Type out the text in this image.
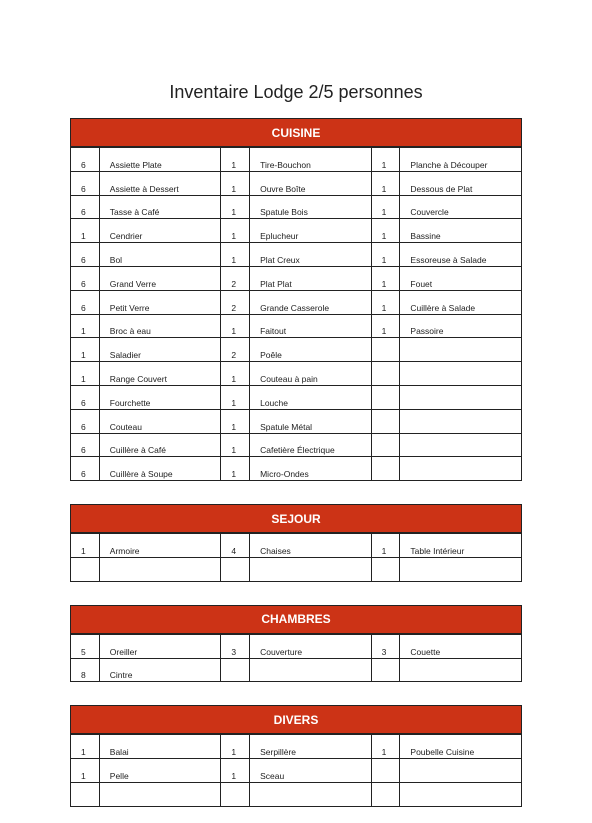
Inventaire Lodge 2/5 personnes
CUISINE
6	Assiette Plate	1	Tire-Bouchon	1	Planche à Découper
6	Assiette à Dessert	1	Ouvre Boîte	1	Dessous de Plat
6	Tasse à Café	1	Spatule Bois	1	Couvercle
1	Cendrier	1	Eplucheur	1	Bassine
6	Bol	1	Plat Creux	1	Essoreuse à Salade
6	Grand Verre	2	Plat Plat	1	Fouet
6	Petit Verre	2	Grande Casserole	1	Cuillère à Salade
1	Broc à eau	1	Faitout	1	Passoire
1	Saladier	2	Poêle		
1	Range Couvert	1	Couteau à pain		
6	Fourchette	1	Louche		
6	Couteau	1	Spatule Métal		
6	Cuillère à Café	1	Cafetière Électrique		
6	Cuillère à Soupe	1	Micro-Ondes		
SEJOUR
1	Armoire	4	Chaises	1	Table Intérieur

CHAMBRES
5	Oreiller	3	Couverture	3	Couette
8	Cintre				
DIVERS
1	Balai	1	Serpillère	1	Poubelle Cuisine
1	Pelle	1	Sceau		
